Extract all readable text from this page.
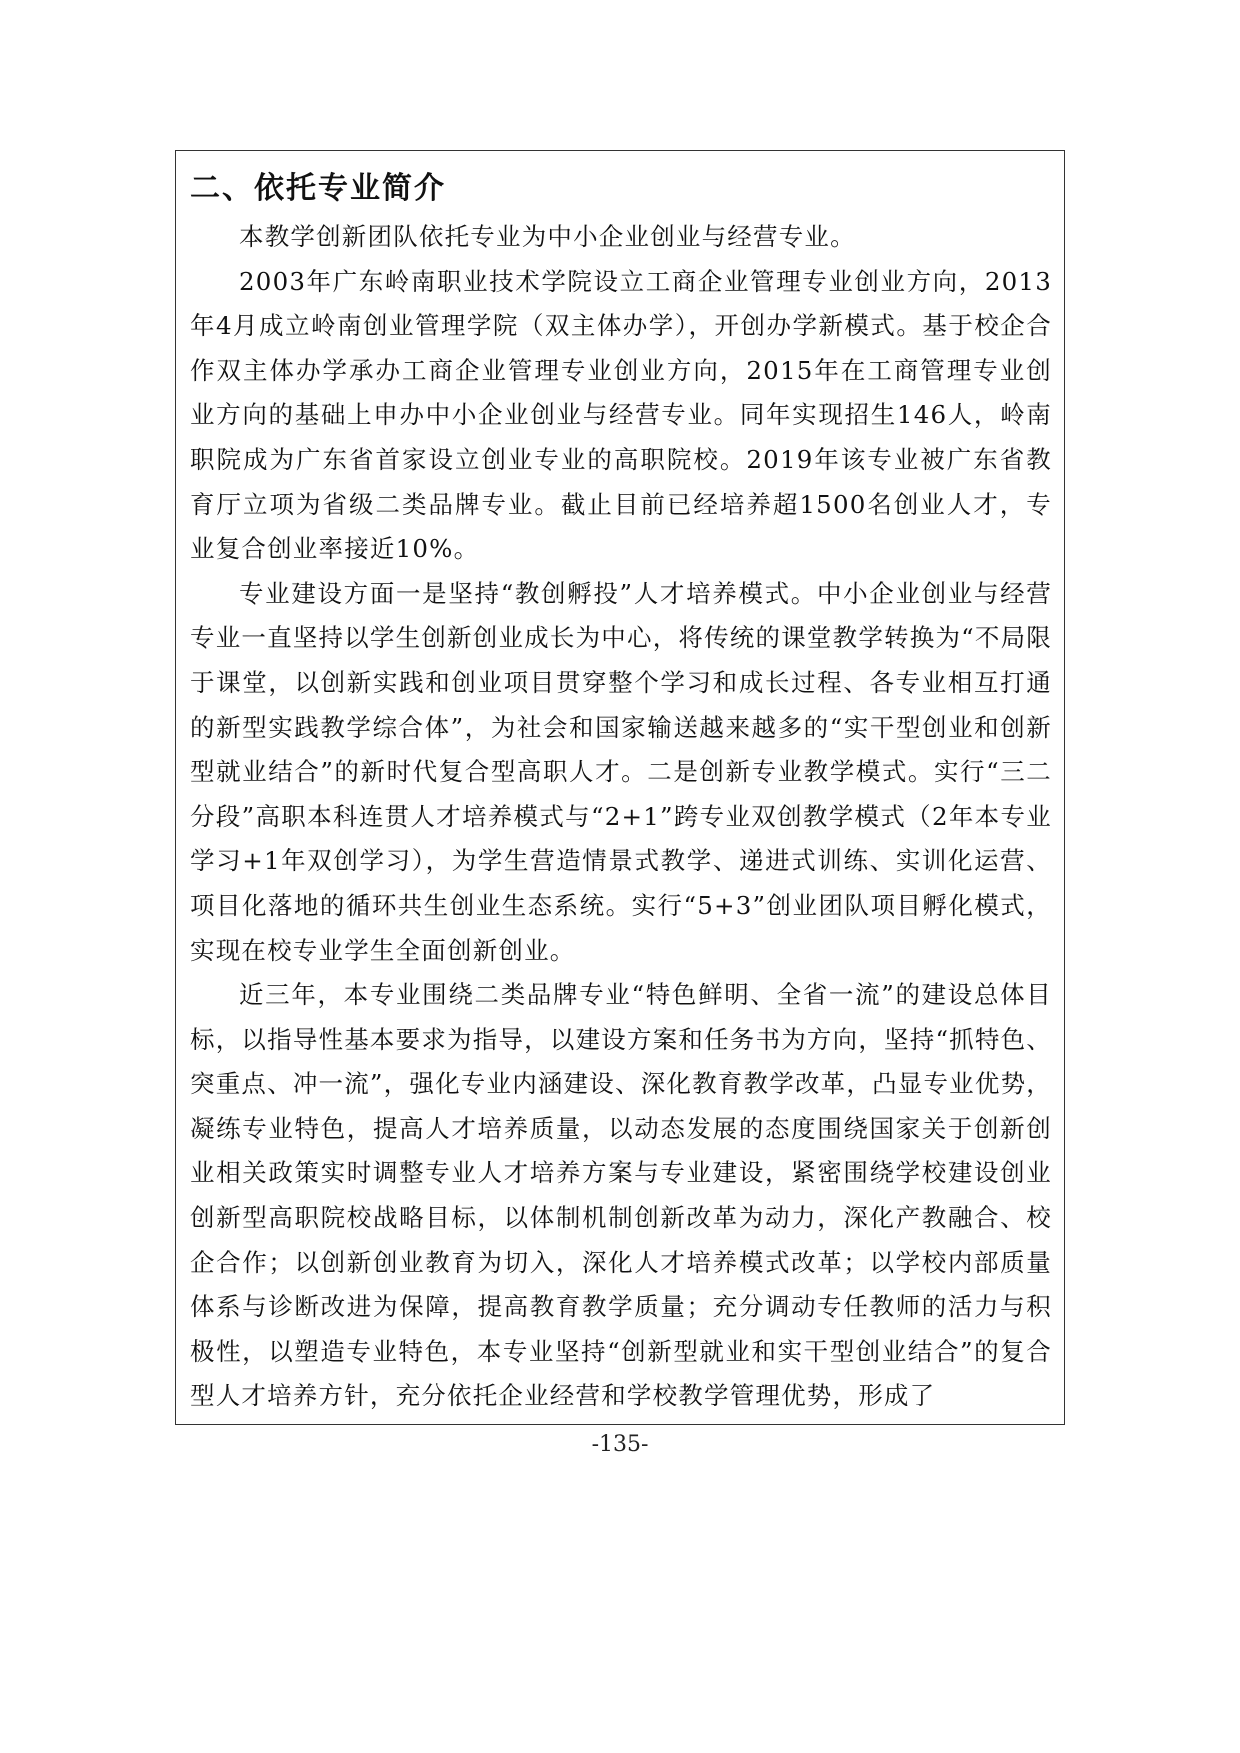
二、依托专业简介

本教学创新团队依托专业为中小企业创业与经营专业。

2003年广东岭南职业技术学院设立工商企业管理专业创业方向，2013年4月成立岭南创业管理学院（双主体办学），开创办学新模式。基于校企合作双主体办学承办工商企业管理专业创业方向，2015年在工商管理专业创业方向的基础上申办中小企业创业与经营专业。同年实现招生146人，岭南职院成为广东省首家设立创业专业的高职院校。2019年该专业被广东省教育厅立项为省级二类品牌专业。截止目前已经培养超1500名创业人才，专业复合创业率接近10%。

专业建设方面一是坚持“教创孵投”人才培养模式。中小企业创业与经营专业一直坚持以学生创新创业成长为中心，将传统的课堂教学转换为“不局限于课堂，以创新实践和创业项目贯穿整个学习和成长过程、各专业相互打通的新型实践教学综合体”，为社会和国家输送越来越多的“实干型创业和创新型就业结合”的新时代复合型高职人才。二是创新专业教学模式。实行“三二分段”高职本科连贯人才培养模式与“2+1”跨专业双创教学模式（2年本专业学习+1年双创学习），为学生营造情景式教学、递进式训练、实训化运营、项目化落地的循环共生创业生态系统。实行“5+3”创业团队项目孵化模式，实现在校专业学生全面创新创业。

近三年，本专业围绕二类品牌专业“特色鲜明、全省一流”的建设总体目标，以指导性基本要求为指导，以建设方案和任务书为方向，坚持“抓特色、突重点、冲一流”，强化专业内涵建设、深化教育教学改革，凸显专业优势，凝练专业特色，提高人才培养质量，以动态发展的态度围绕国家关于创新创业相关政策实时调整专业人才培养方案与专业建设，紧密围绕学校建设创业创新型高职院校战略目标，以体制机制创新改革为动力，深化产教融合、校企合作；以创新创业教育为切入，深化人才培养模式改革；以学校内部质量体系与诊断改进为保障，提高教育教学质量；充分调动专任教师的活力与积极性，以塑造专业特色，本专业坚持“创新型就业和实干型创业结合”的复合型人才培养方针，充分依托企业经营和学校教学管理优势，形成了

-135-
